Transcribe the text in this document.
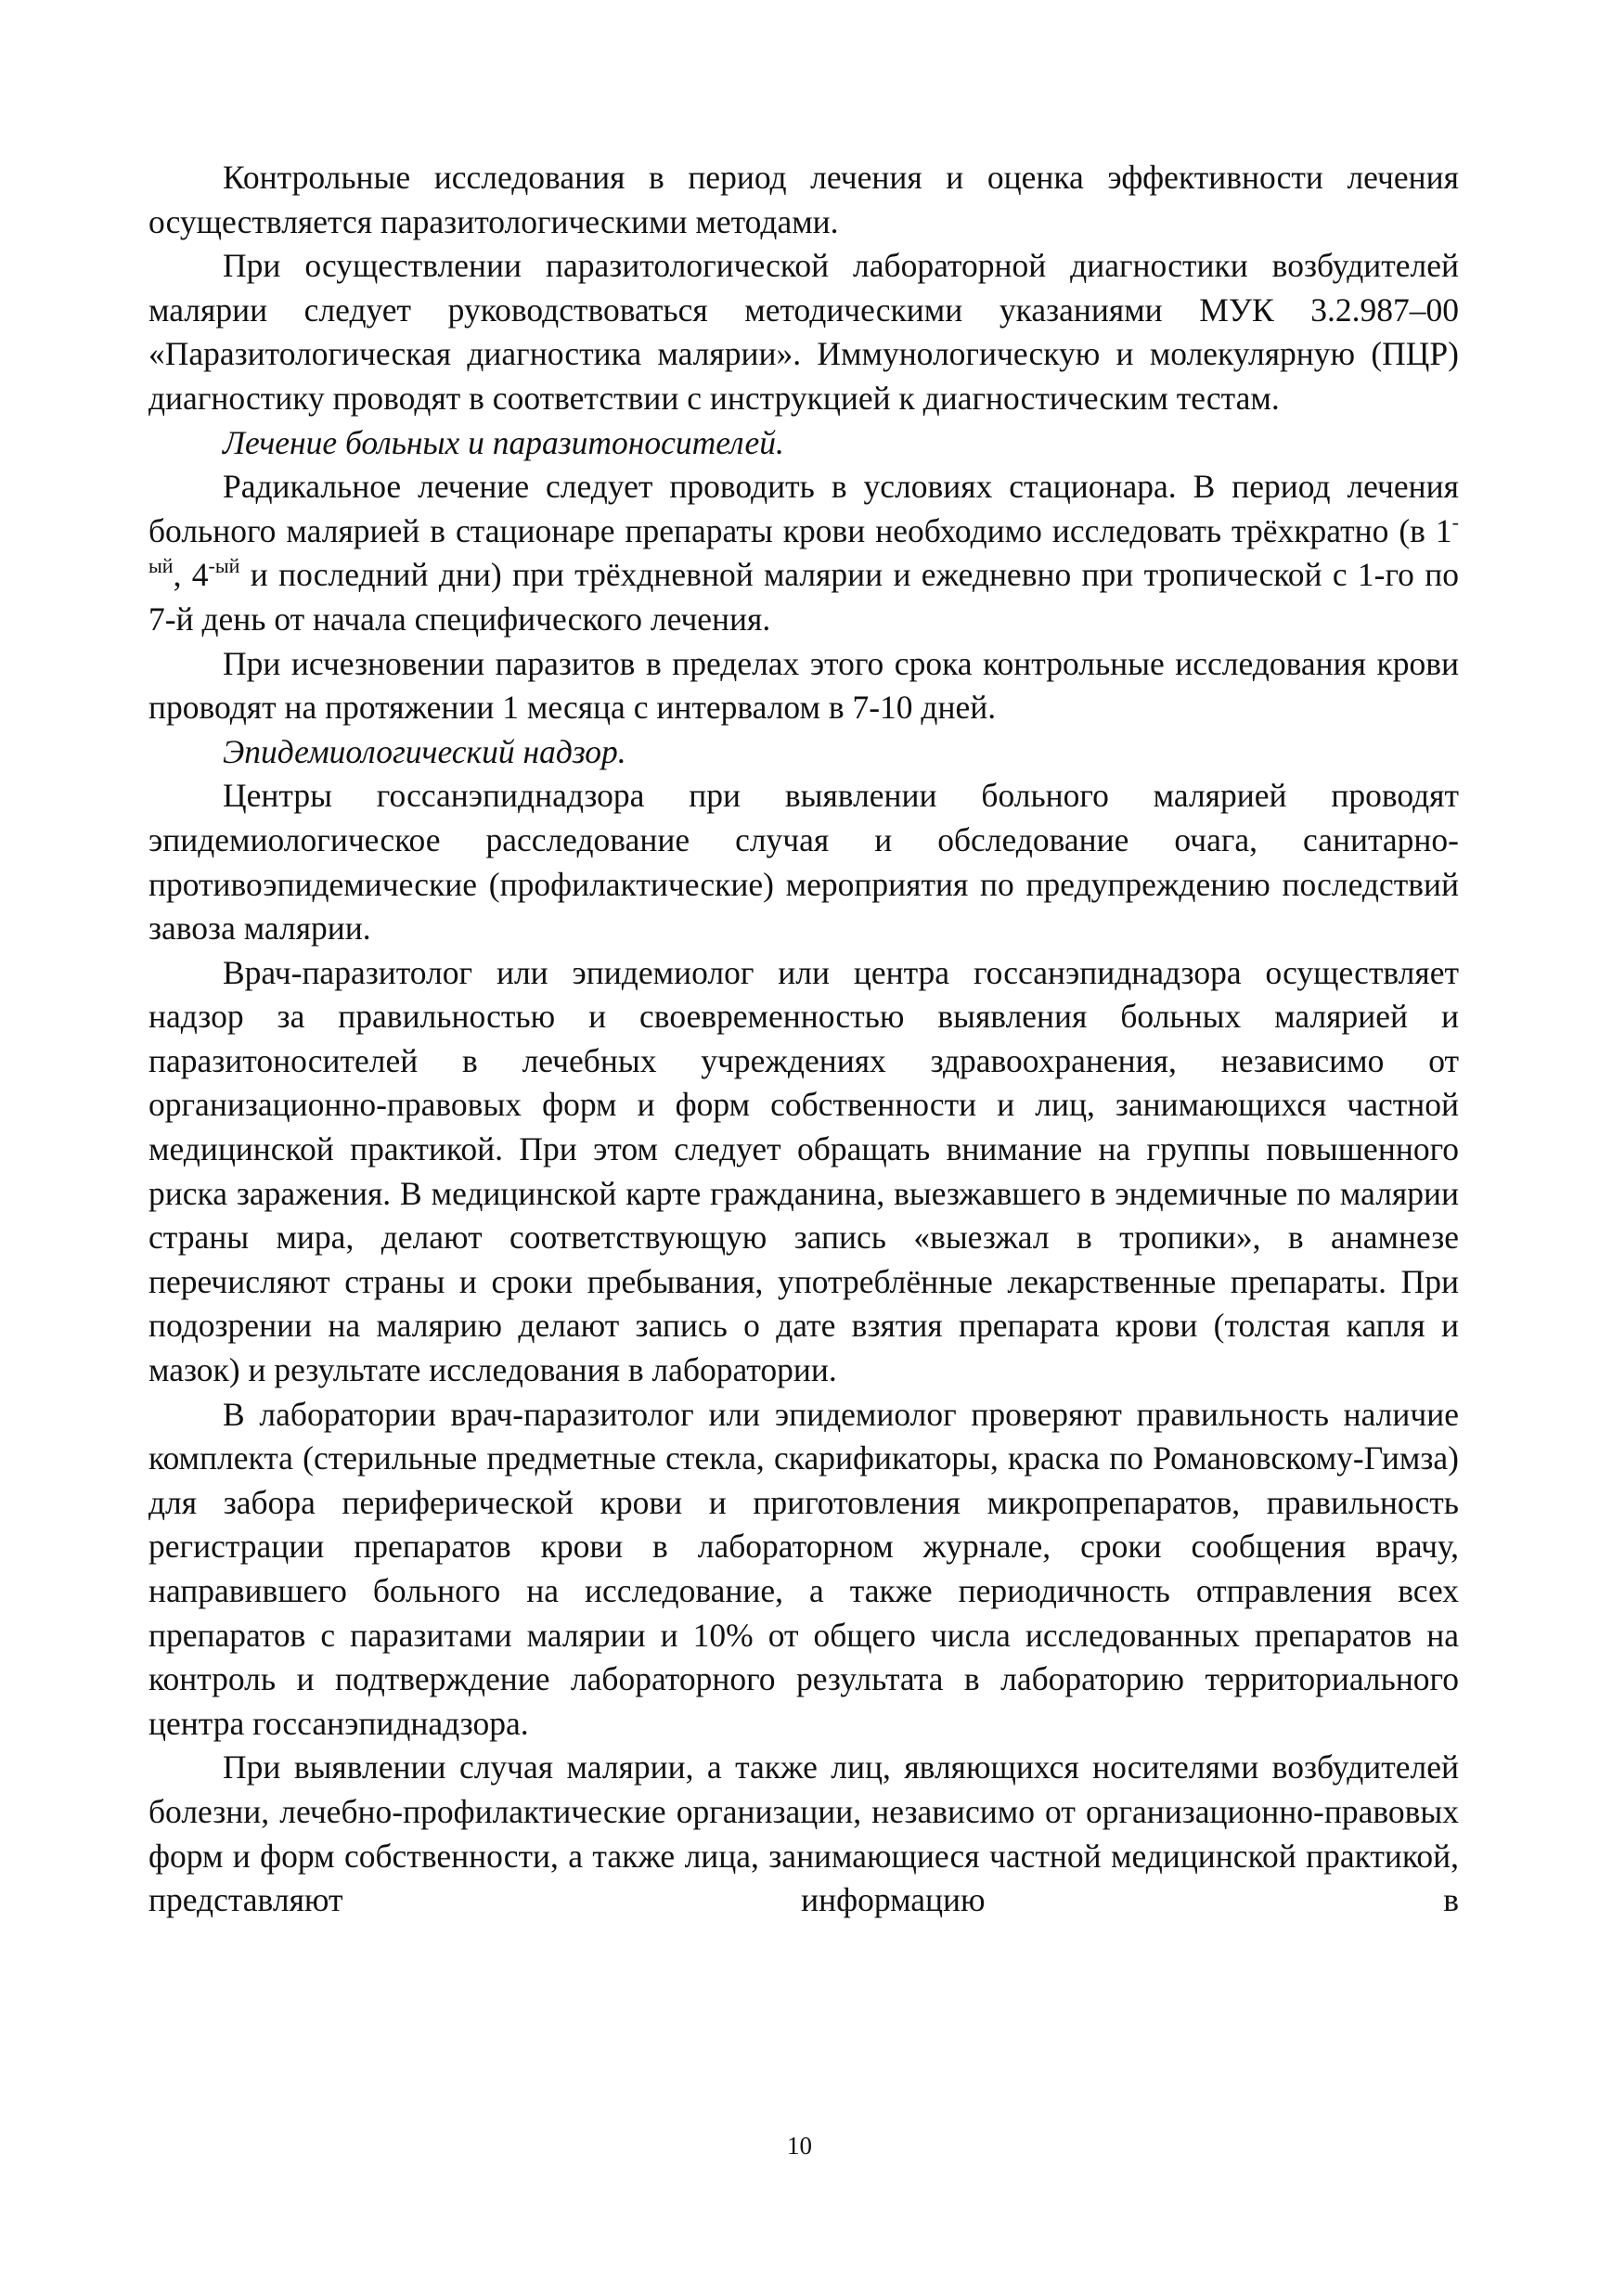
Контрольные исследования в период лечения и оценка эффективности лечения осуществляется паразитологическими методами.

При осуществлении паразитологической лабораторной диагностики возбудителей малярии следует руководствоваться методическими указаниями МУК 3.2.987–00 «Паразитологическая диагностика малярии». Иммунологическую и молекулярную (ПЦР) диагностику проводят в соответствии с инструкцией к диагностическим тестам.

Лечение больных и паразитоносителей.

Радикальное лечение следует проводить в условиях стационара. В период лечения больного малярией в стационаре препараты крови необходимо исследовать трёхкратно (в $1^{-ый}$, $4^{-ый}$ и последний дни) при трёхдневной малярии и ежедневно при тропической с 1-го по 7-й день от начала специфического лечения.

При исчезновении паразитов в пределах этого срока контрольные исследования крови проводят на протяжении 1 месяца с интервалом в 7-10 дней.

Эпидемиологический надзор.

Центры госсанэпиднадзора при выявлении больного малярией проводят эпидемиологическое расследование случая и обследование очага, санитарно-противоэпидемические (профилактические) мероприятия по предупреждению последствий завоза малярии.

Врач-паразитолог или эпидемиолог или центра госсанэпиднадзора осуществляет надзор за правильностью и своевременностью выявления больных малярией и паразитоносителей в лечебных учреждениях здравоохранения, независимо от организационно-правовых форм и форм собственности и лиц, занимающихся частной медицинской практикой. При этом следует обращать внимание на группы повышенного риска заражения. В медицинской карте гражданина, выезжавшего в эндемичные по малярии страны мира, делают соответствующую запись «выезжал в тропики», в анамнезе перечисляют страны и сроки пребывания, употреблённые лекарственные препараты. При подозрении на малярию делают запись о дате взятия препарата крови (толстая капля и мазок) и результате исследования в лаборатории.

В лаборатории врач-паразитолог или эпидемиолог проверяют правильность наличие комплекта (стерильные предметные стекла, скарификаторы, краска по Романовскому-Гимза) для забора периферической крови и приготовления микропрепаратов, правильность регистрации препаратов крови в лабораторном журнале, сроки сообщения врачу, направившего больного на исследование, а также периодичность отправления всех препаратов с паразитами малярии и 10% от общего числа исследованных препаратов на контроль и подтверждение лабораторного результата в лабораторию территориального центра госсанэпиднадзора.

При выявлении случая малярии, а также лиц, являющихся носителями возбудителей болезни, лечебно-профилактические организации, независимо от организационно-правовых форм и форм собственности, а также лица, занимающиеся частной медицинской практикой, представляют информацию в

10
